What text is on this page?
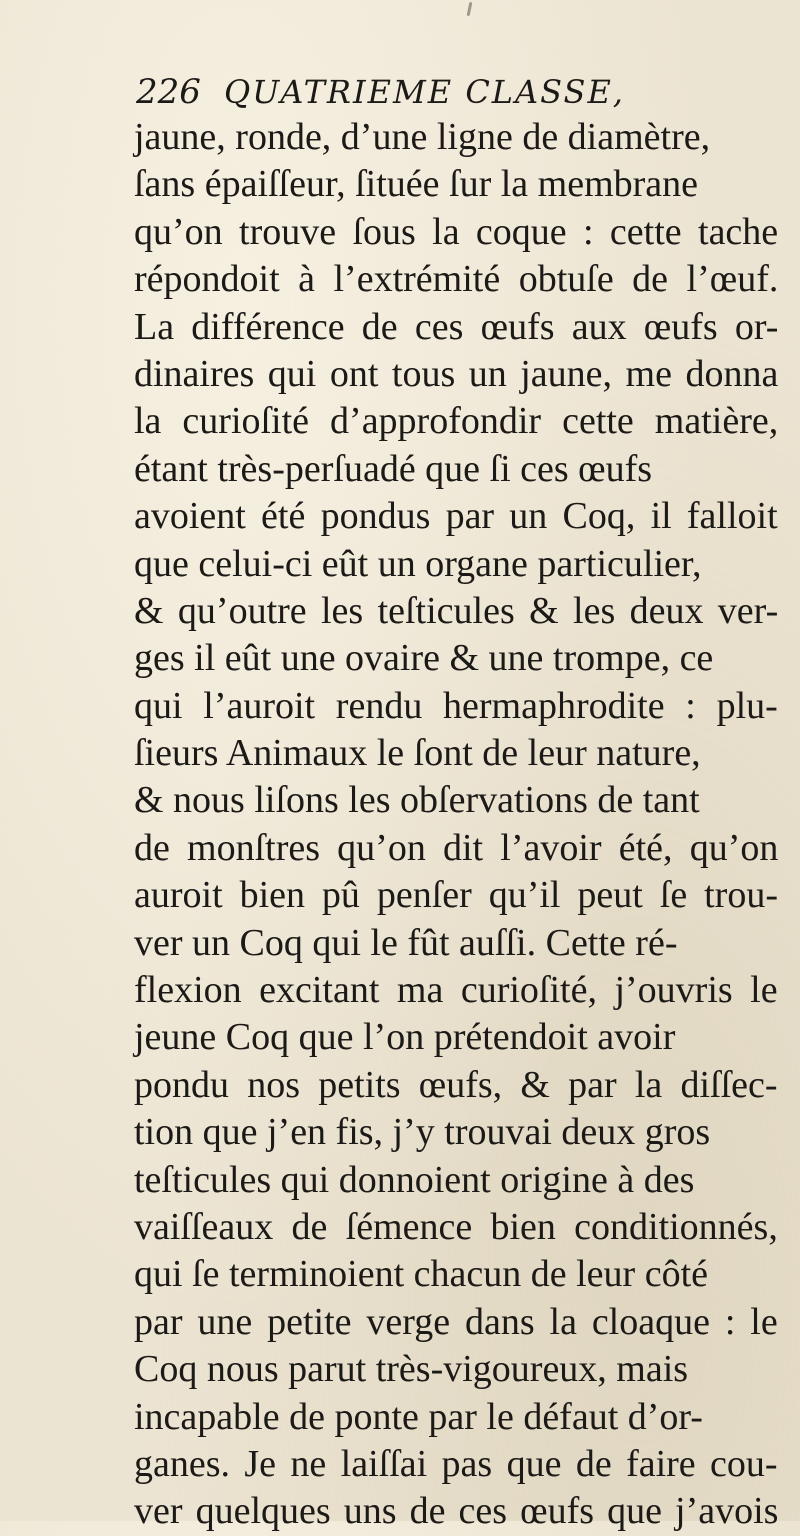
226 QUATRIEME CLASSE,
jaune, ronde, d’une ligne de diamètre,
ſans épaiſſeur, ſituée ſur la membrane
qu’on trouve ſous la coque : cette tache
répondoit à l’extrémité obtuſe de l’œuf.
La différence de ces œufs aux œufs or-
dinaires qui ont tous un jaune, me donna
la curioſité d’approfondir cette matière,
étant très-perſuadé que ſi ces œufs
avoient été pondus par un Coq, il falloit
que celui-ci eût un organe particulier,
& qu’outre les teſticules & les deux ver-
ges il eût une ovaire & une trompe, ce
qui l’auroit rendu hermaphrodite : plu-
ſieurs Animaux le ſont de leur nature,
& nous liſons les obſervations de tant
de monſtres qu’on dit l’avoir été, qu’on
auroit bien pû penſer qu’il peut ſe trou-
ver un Coq qui le fût auſſi. Cette ré-
flexion excitant ma curioſité, j’ouvris le
jeune Coq que l’on prétendoit avoir
pondu nos petits œufs, & par la diſſec-
tion que j’en fis, j’y trouvai deux gros
teſticules qui donnoient origine à des
vaiſſeaux de ſémence bien conditionnés,
qui ſe terminoient chacun de leur côté
par une petite verge dans la cloaque : le
Coq nous parut très-vigoureux, mais
incapable de ponte par le défaut d’or-
ganes. Je ne laiſſai pas que de faire cou-
ver quelques uns de ces œufs que j’avois
